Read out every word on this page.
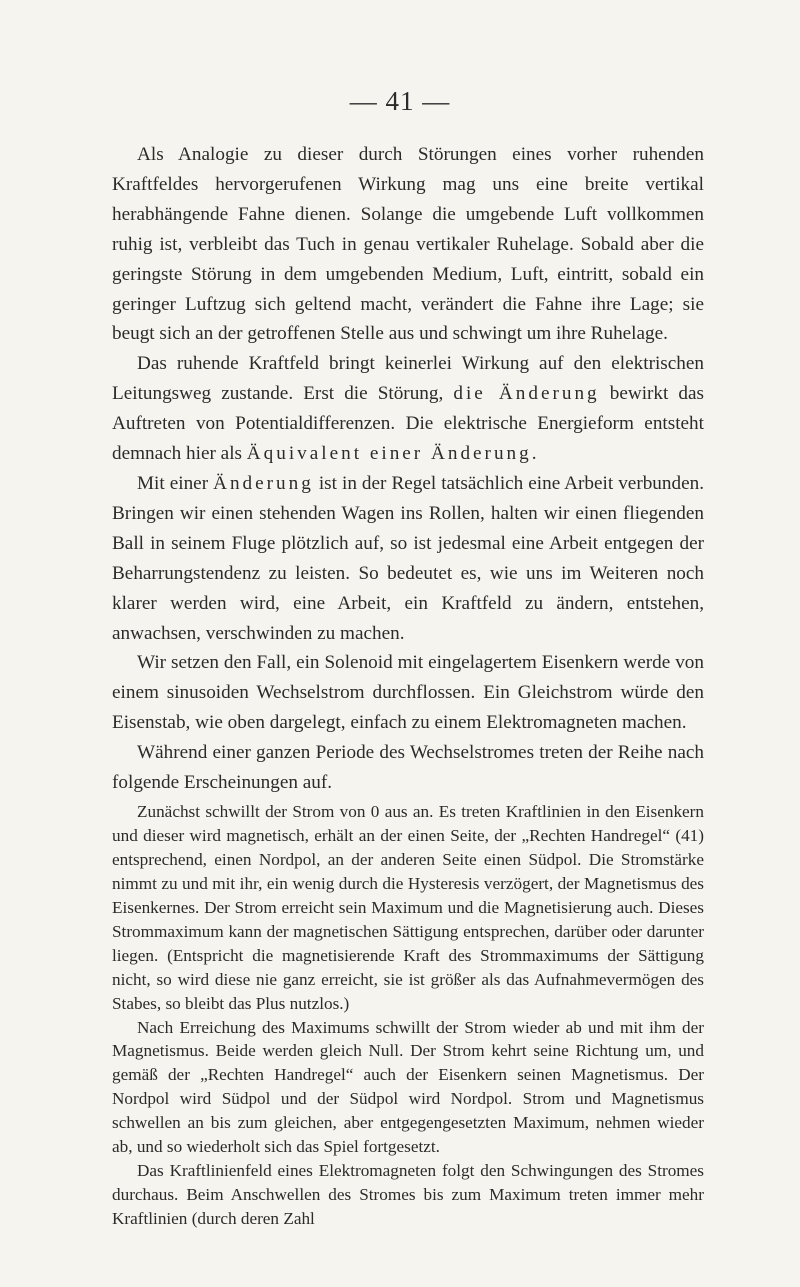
— 41 —

Als Analogie zu dieser durch Störungen eines vorher ruhenden Kraftfeldes hervorgerufenen Wirkung mag uns eine breite vertikal herabhängende Fahne dienen. Solange die umgebende Luft vollkommen ruhig ist, verbleibt das Tuch in genau vertikaler Ruhelage. Sobald aber die geringste Störung in dem umgebenden Medium, Luft, eintritt, sobald ein geringer Luftzug sich geltend macht, verändert die Fahne ihre Lage; sie beugt sich an der getroffenen Stelle aus und schwingt um ihre Ruhelage.

Das ruhende Kraftfeld bringt keinerlei Wirkung auf den elektrischen Leitungsweg zustande. Erst die Störung, die Änderung bewirkt das Auftreten von Potentialdifferenzen. Die elektrische Energieform entsteht demnach hier als Äquivalent einer Änderung.

Mit einer Änderung ist in der Regel tatsächlich eine Arbeit verbunden. Bringen wir einen stehenden Wagen ins Rollen, halten wir einen fliegenden Ball in seinem Fluge plötzlich auf, so ist jedesmal eine Arbeit entgegen der Beharrungstendenz zu leisten. So bedeutet es, wie uns im Weiteren noch klarer werden wird, eine Arbeit, ein Kraftfeld zu ändern, entstehen, anwachsen, verschwinden zu machen.

Wir setzen den Fall, ein Solenoid mit eingelagertem Eisenkern werde von einem sinusoiden Wechselstrom durchflossen. Ein Gleichstrom würde den Eisenstab, wie oben dargelegt, einfach zu einem Elektromagneten machen.

Während einer ganzen Periode des Wechselstromes treten der Reihe nach folgende Erscheinungen auf.

Zunächst schwillt der Strom von 0 aus an. Es treten Kraftlinien in den Eisenkern und dieser wird magnetisch, erhält an der einen Seite, der „Rechten Handregel“ (41) entsprechend, einen Nordpol, an der anderen Seite einen Südpol. Die Stromstärke nimmt zu und mit ihr, ein wenig durch die Hysteresis verzögert, der Magnetismus des Eisenkernes. Der Strom erreicht sein Maximum und die Magnetisierung auch. Dieses Strommaximum kann der magnetischen Sättigung entsprechen, darüber oder darunter liegen. (Entspricht die magnetisierende Kraft des Strommaximums der Sättigung nicht, so wird diese nie ganz erreicht, sie ist größer als das Aufnahmevermögen des Stabes, so bleibt das Plus nutzlos.)

Nach Erreichung des Maximums schwillt der Strom wieder ab und mit ihm der Magnetismus. Beide werden gleich Null. Der Strom kehrt seine Richtung um, und gemäß der „Rechten Handregel“ auch der Eisenkern seinen Magnetismus. Der Nordpol wird Südpol und der Südpol wird Nordpol. Strom und Magnetismus schwellen an bis zum gleichen, aber entgegengesetzten Maximum, nehmen wieder ab, und so wiederholt sich das Spiel fortgesetzt.

Das Kraftlinienfeld eines Elektromagneten folgt den Schwingungen des Stromes durchaus. Beim Anschwellen des Stromes bis zum Maximum treten immer mehr Kraftlinien (durch deren Zahl
